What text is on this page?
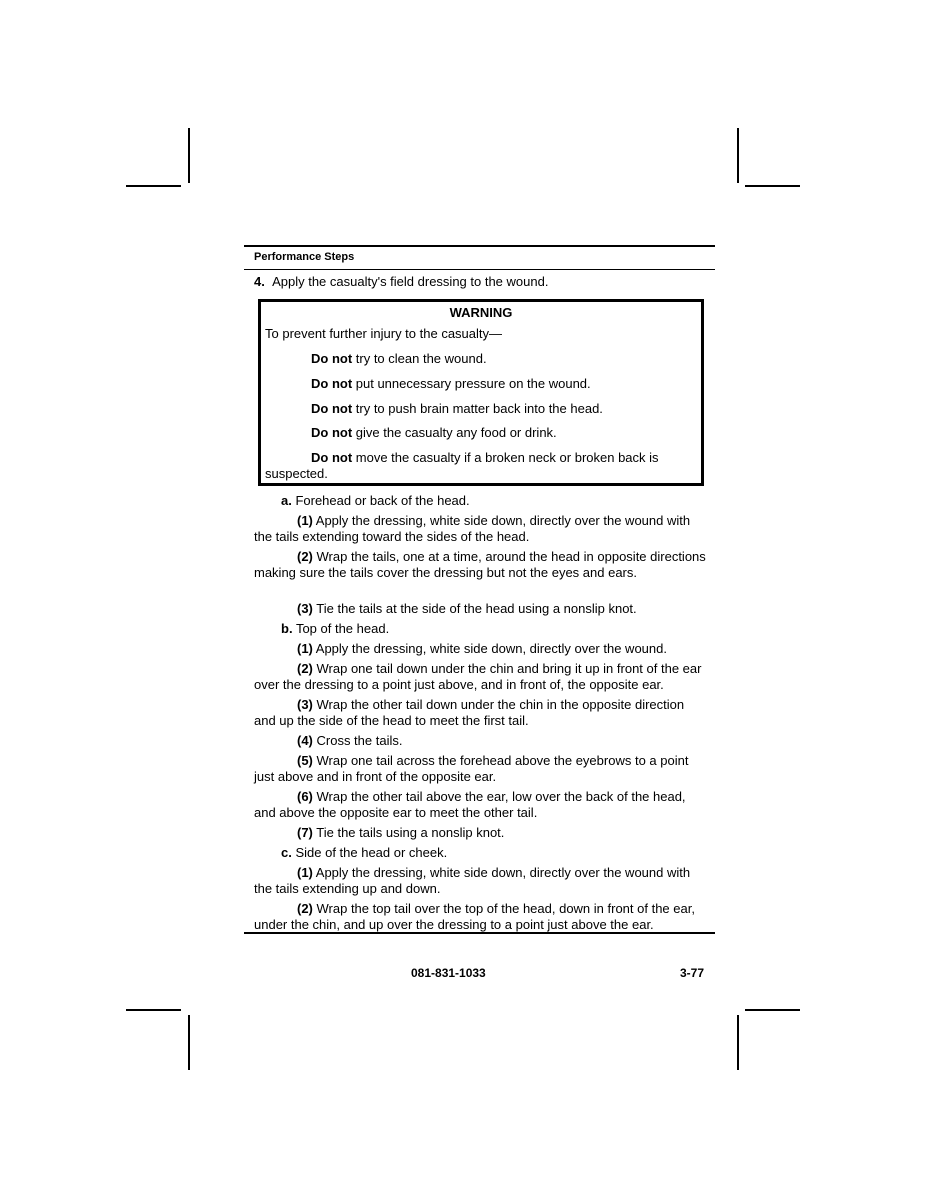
Performance Steps
4. Apply the casualty's field dressing to the wound.
WARNING
To prevent further injury to the casualty—
Do not try to clean the wound.
Do not put unnecessary pressure on the wound.
Do not try to push brain matter back into the head.
Do not give the casualty any food or drink.
Do not move the casualty if a broken neck or broken back is suspected.
a. Forehead or back of the head.
(1) Apply the dressing, white side down, directly over the wound with the tails extending toward the sides of the head.
(2) Wrap the tails, one at a time, around the head in opposite directions making sure the tails cover the dressing but not the eyes and ears.
(3) Tie the tails at the side of the head using a nonslip knot.
b. Top of the head.
(1) Apply the dressing, white side down, directly over the wound.
(2) Wrap one tail down under the chin and bring it up in front of the ear over the dressing to a point just above, and in front of, the opposite ear.
(3) Wrap the other tail down under the chin in the opposite direction and up the side of the head to meet the first tail.
(4) Cross the tails.
(5) Wrap one tail across the forehead above the eyebrows to a point just above and in front of the opposite ear.
(6) Wrap the other tail above the ear, low over the back of the head, and above the opposite ear to meet the other tail.
(7) Tie the tails using a nonslip knot.
c. Side of the head or cheek.
(1) Apply the dressing, white side down, directly over the wound with the tails extending up and down.
(2) Wrap the top tail over the top of the head, down in front of the ear, under the chin, and up over the dressing to a point just above the ear.
081-831-1033	3-77
